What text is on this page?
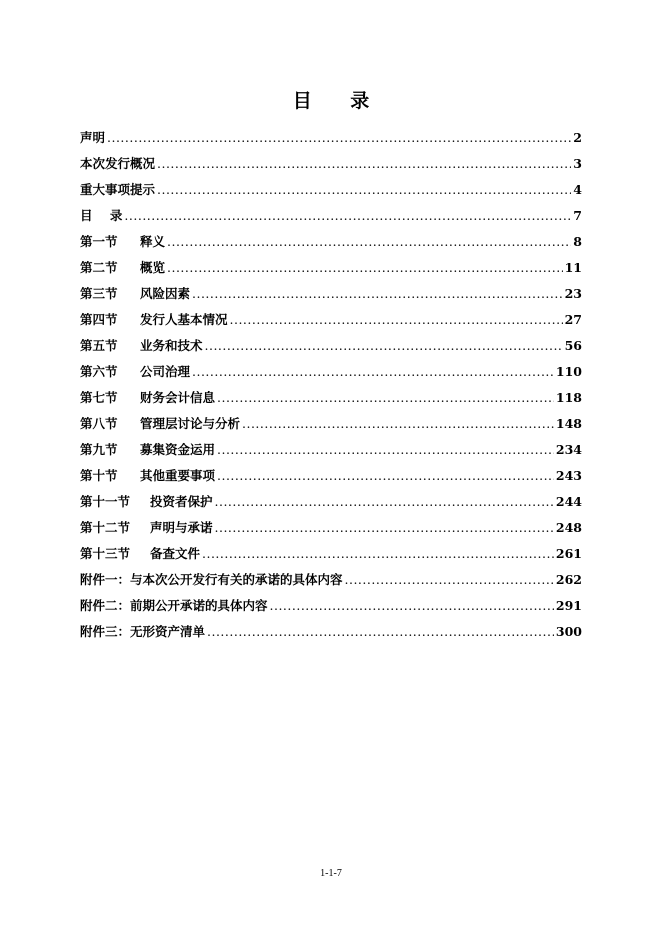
目 录
声明 .....	2
本次发行概况 .....	3
重大事项提示 .....	4
目    录 .....	7
第一节	释义 .....	8
第二节	概览 .....	11
第三节	风险因素 .....	23
第四节	发行人基本情况 .....	27
第五节	业务和技术 .....	56
第六节	公司治理 .....	110
第七节	财务会计信息 .....	118
第八节	管理层讨论与分析 .....	148
第九节	募集资金运用 .....	234
第十节	其他重要事项 .....	243
第十一节	投资者保护 .....	244
第十二节	声明与承诺 .....	248
第十三节	备查文件 .....	261
附件一：与本次公开发行有关的承诺的具体内容 .....	262
附件二：前期公开承诺的具体内容 .....	291
附件三：无形资产清单 .....	300
1-1-7
